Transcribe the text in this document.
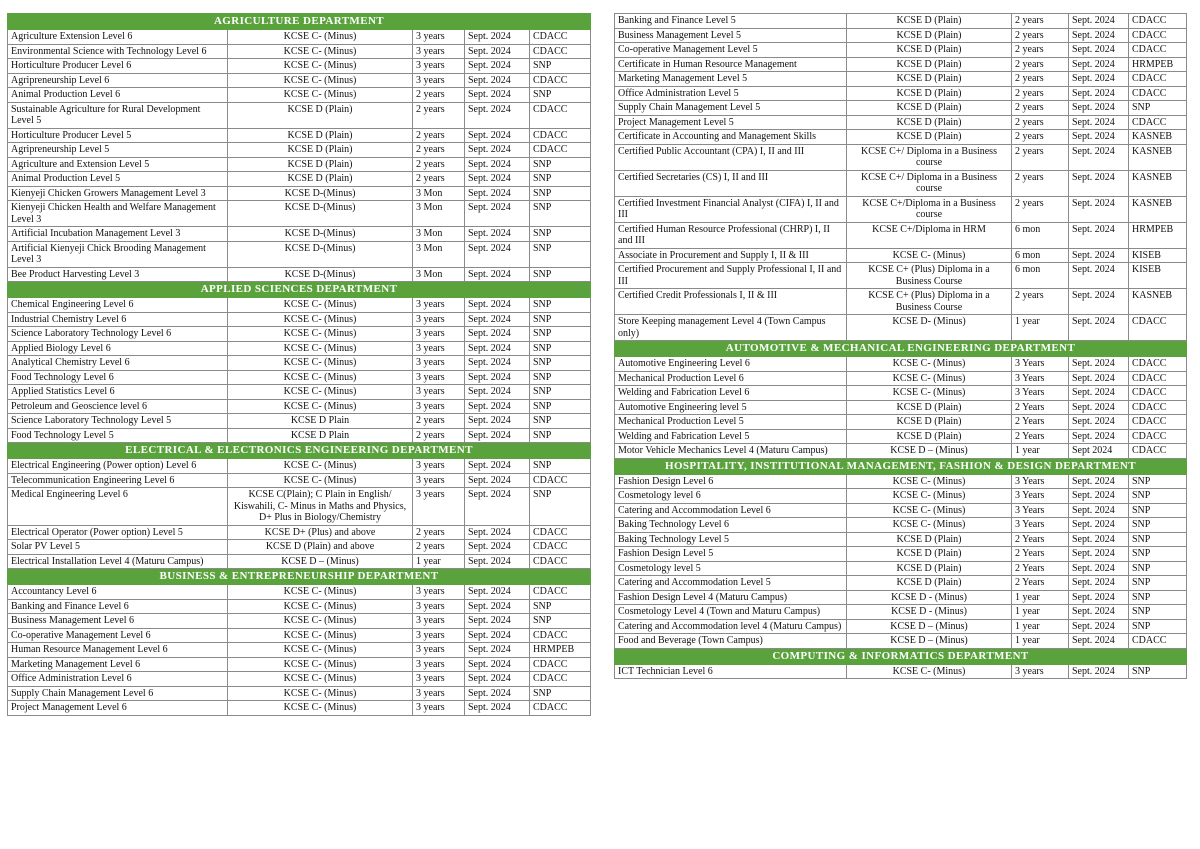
AGRICULTURE DEPARTMENT				
Agriculture Extension Level 6	KCSE C- (Minus)	3 years	Sept. 2024	CDACC
Environmental Science with Technology Level 6	KCSE C- (Minus)	3 years	Sept. 2024	CDACC
Horticulture Producer Level 6	KCSE C- (Minus)	3 years	Sept. 2024	SNP
Agripreneurship Level 6	KCSE C- (Minus)	3 years	Sept. 2024	CDACC
Animal Production Level 6	KCSE C- (Minus)	2 years	Sept. 2024	SNP
Sustainable Agriculture for Rural Development Level 5	KCSE D (Plain)	2 years	Sept. 2024	CDACC
Horticulture Producer Level 5	KCSE D (Plain)	2 years	Sept. 2024	CDACC
Agripreneurship Level 5	KCSE D (Plain)	2 years	Sept. 2024	CDACC
Agriculture and Extension Level 5	KCSE D (Plain)	2 years	Sept. 2024	SNP
Animal Production Level 5	KCSE D (Plain)	2 years	Sept. 2024	SNP
Kienyeji Chicken Growers Management Level 3	KCSE D-(Minus)	3 Mon	Sept. 2024	SNP
Kienyeji Chicken Health and Welfare Management Level 3	KCSE D-(Minus)	3 Mon	Sept. 2024	SNP
Artificial Incubation Management Level 3	KCSE D-(Minus)	3 Mon	Sept. 2024	SNP
Artificial Kienyeji Chick Brooding Management Level 3	KCSE D-(Minus)	3 Mon	Sept. 2024	SNP
Bee Product Harvesting Level 3	KCSE D-(Minus)	3 Mon	Sept. 2024	SNP
APPLIED SCIENCES DEPARTMENT				
Chemical Engineering Level 6	KCSE C- (Minus)	3 years	Sept. 2024	SNP
Industrial Chemistry Level 6	KCSE C- (Minus)	3 years	Sept. 2024	SNP
Science Laboratory Technology Level 6	KCSE C- (Minus)	3 years	Sept. 2024	SNP
Applied Biology Level 6	KCSE C- (Minus)	3 years	Sept. 2024	SNP
Analytical Chemistry Level 6	KCSE C- (Minus)	3 years	Sept. 2024	SNP
Food Technology Level 6	KCSE C- (Minus)	3 years	Sept. 2024	SNP
Applied Statistics Level 6	KCSE C- (Minus)	3 years	Sept. 2024	SNP
Petroleum and Geoscience level 6	KCSE C- (Minus)	3 years	Sept. 2024	SNP
Science Laboratory Technology Level 5	KCSE D Plain	2 years	Sept. 2024	SNP
Food Technology Level 5	KCSE D Plain	2 years	Sept. 2024	SNP
ELECTRICAL & ELECTRONICS ENGINEERING DEPARTMENT				
Electrical Engineering (Power option) Level 6	KCSE C- (Minus)	3 years	Sept. 2024	SNP
Telecommunication Engineering Level 6	KCSE C- (Minus)	3 years	Sept. 2024	CDACC
Medical Engineering Level 6	KCSE C(Plain); C Plain in English/ Kiswahili, C- Minus in Maths and Physics, D+ Plus in Biology/Chemistry	3 years	Sept. 2024	SNP
Electrical Operator (Power option) Level 5	KCSE D+ (Plus) and above	2 years	Sept. 2024	CDACC
Solar PV Level 5	KCSE D (Plain) and above	2 years	Sept. 2024	CDACC
Electrical Installation Level 4 (Maturu Campus)	KCSE D – (Minus)	1 year	Sept. 2024	CDACC
BUSINESS & ENTREPRENEURSHIP DEPARTMENT				
Accountancy Level 6	KCSE C- (Minus)	3 years	Sept. 2024	CDACC
Banking and Finance Level 6	KCSE C- (Minus)	3 years	Sept. 2024	SNP
Business Management Level 6	KCSE C- (Minus)	3 years	Sept. 2024	SNP
Co-operative Management Level 6	KCSE C- (Minus)	3 years	Sept. 2024	CDACC
Human Resource Management Level 6	KCSE C- (Minus)	3 years	Sept. 2024	HRMPEB
Marketing Management Level 6	KCSE C- (Minus)	3 years	Sept. 2024	CDACC
Office Administration Level 6	KCSE C- (Minus)	3 years	Sept. 2024	CDACC
Supply Chain Management Level 6	KCSE C- (Minus)	3 years	Sept. 2024	SNP
Project Management Level 6	KCSE C- (Minus)	3 years	Sept. 2024	CDACC
Banking and Finance Level 5	KCSE D (Plain)	2 years	Sept. 2024	CDACC
Business Management Level 5	KCSE D (Plain)	2 years	Sept. 2024	CDACC
Co-operative Management Level 5	KCSE D (Plain)	2 years	Sept. 2024	CDACC
Certificate in Human Resource Management	KCSE D (Plain)	2 years	Sept. 2024	HRMPEB
Marketing Management Level 5	KCSE D (Plain)	2 years	Sept. 2024	CDACC
Office Administration Level 5	KCSE D (Plain)	2 years	Sept. 2024	CDACC
Supply Chain Management Level 5	KCSE D (Plain)	2 years	Sept. 2024	SNP
Project Management Level 5	KCSE D (Plain)	2 years	Sept. 2024	CDACC
Certificate in Accounting and Management Skills	KCSE D (Plain)	2 years	Sept. 2024	KASNEB
Certified Public Accountant (CPA) I, II and III	KCSE C+/ Diploma in a Business course	2 years	Sept. 2024	KASNEB
Certified Secretaries (CS) I, II and III	KCSE C+/ Diploma in a Business course	2 years	Sept. 2024	KASNEB
Certified Investment Financial Analyst (CIFA) I, II and III	KCSE C+/Diploma in a Business course	2 years	Sept. 2024	KASNEB
Certified Human Resource Professional (CHRP) I, II and III	KCSE C+/Diploma in HRM	6 mon	Sept. 2024	HRMPEB
Associate in Procurement and Supply I, II & III	KCSE C- (Minus)	6 mon	Sept. 2024	KISEB
Certified Procurement and Supply Professional I, II and III	KCSE C+ (Plus) Diploma in a Business Course	6 mon	Sept. 2024	KISEB
Certified Credit Professionals I, II & III	KCSE C+ (Plus) Diploma in a Business Course	2 years	Sept. 2024	KASNEB
Store Keeping management Level 4 (Town Campus only)	KCSE D- (Minus)	1 year	Sept. 2024	CDACC
AUTOMOTIVE & MECHANICAL ENGINEERING DEPARTMENT				
Automotive Engineering Level 6	KCSE C- (Minus)	3 Years	Sept. 2024	CDACC
Mechanical Production Level 6	KCSE C- (Minus)	3 Years	Sept. 2024	CDACC
Welding and Fabrication Level 6	KCSE C- (Minus)	3 Years	Sept. 2024	CDACC
Automotive Engineering level 5	KCSE D (Plain)	2 Years	Sept. 2024	CDACC
Mechanical Production Level 5	KCSE D (Plain)	2 Years	Sept. 2024	CDACC
Welding and Fabrication Level 5	KCSE D (Plain)	2 Years	Sept. 2024	CDACC
Motor Vehicle Mechanics Level 4 (Maturu Campus)	KCSE D – (Minus)	1 year	Sept 2024	CDACC
HOSPITALITY, INSTITUTIONAL MANAGEMENT, FASHION & DESIGN DEPARTMENT				
Fashion Design Level 6	KCSE C- (Minus)	3 Years	Sept. 2024	SNP
Cosmetology level 6	KCSE C- (Minus)	3 Years	Sept. 2024	SNP
Catering and Accommodation Level 6	KCSE C- (Minus)	3 Years	Sept. 2024	SNP
Baking Technology Level 6	KCSE C- (Minus)	3 Years	Sept. 2024	SNP
Baking Technology Level 5	KCSE D (Plain)	2 Years	Sept. 2024	SNP
Fashion Design Level 5	KCSE D (Plain)	2 Years	Sept. 2024	SNP
Cosmetology level 5	KCSE D (Plain)	2 Years	Sept. 2024	SNP
Catering and Accommodation Level 5	KCSE D (Plain)	2 Years	Sept. 2024	SNP
Fashion Design Level 4 (Maturu Campus)	KCSE D - (Minus)	1 year	Sept. 2024	SNP
Cosmetology Level 4 (Town and Maturu Campus)	KCSE D - (Minus)	1 year	Sept. 2024	SNP
Catering and Accommodation level 4 (Maturu Campus)	KCSE D – (Minus)	1 year	Sept. 2024	SNP
Food and Beverage (Town Campus)	KCSE D – (Minus)	1 year	Sept. 2024	CDACC
COMPUTING & INFORMATICS DEPARTMENT				
ICT Technician Level 6	KCSE C- (Minus)	3 years	Sept. 2024	SNP
